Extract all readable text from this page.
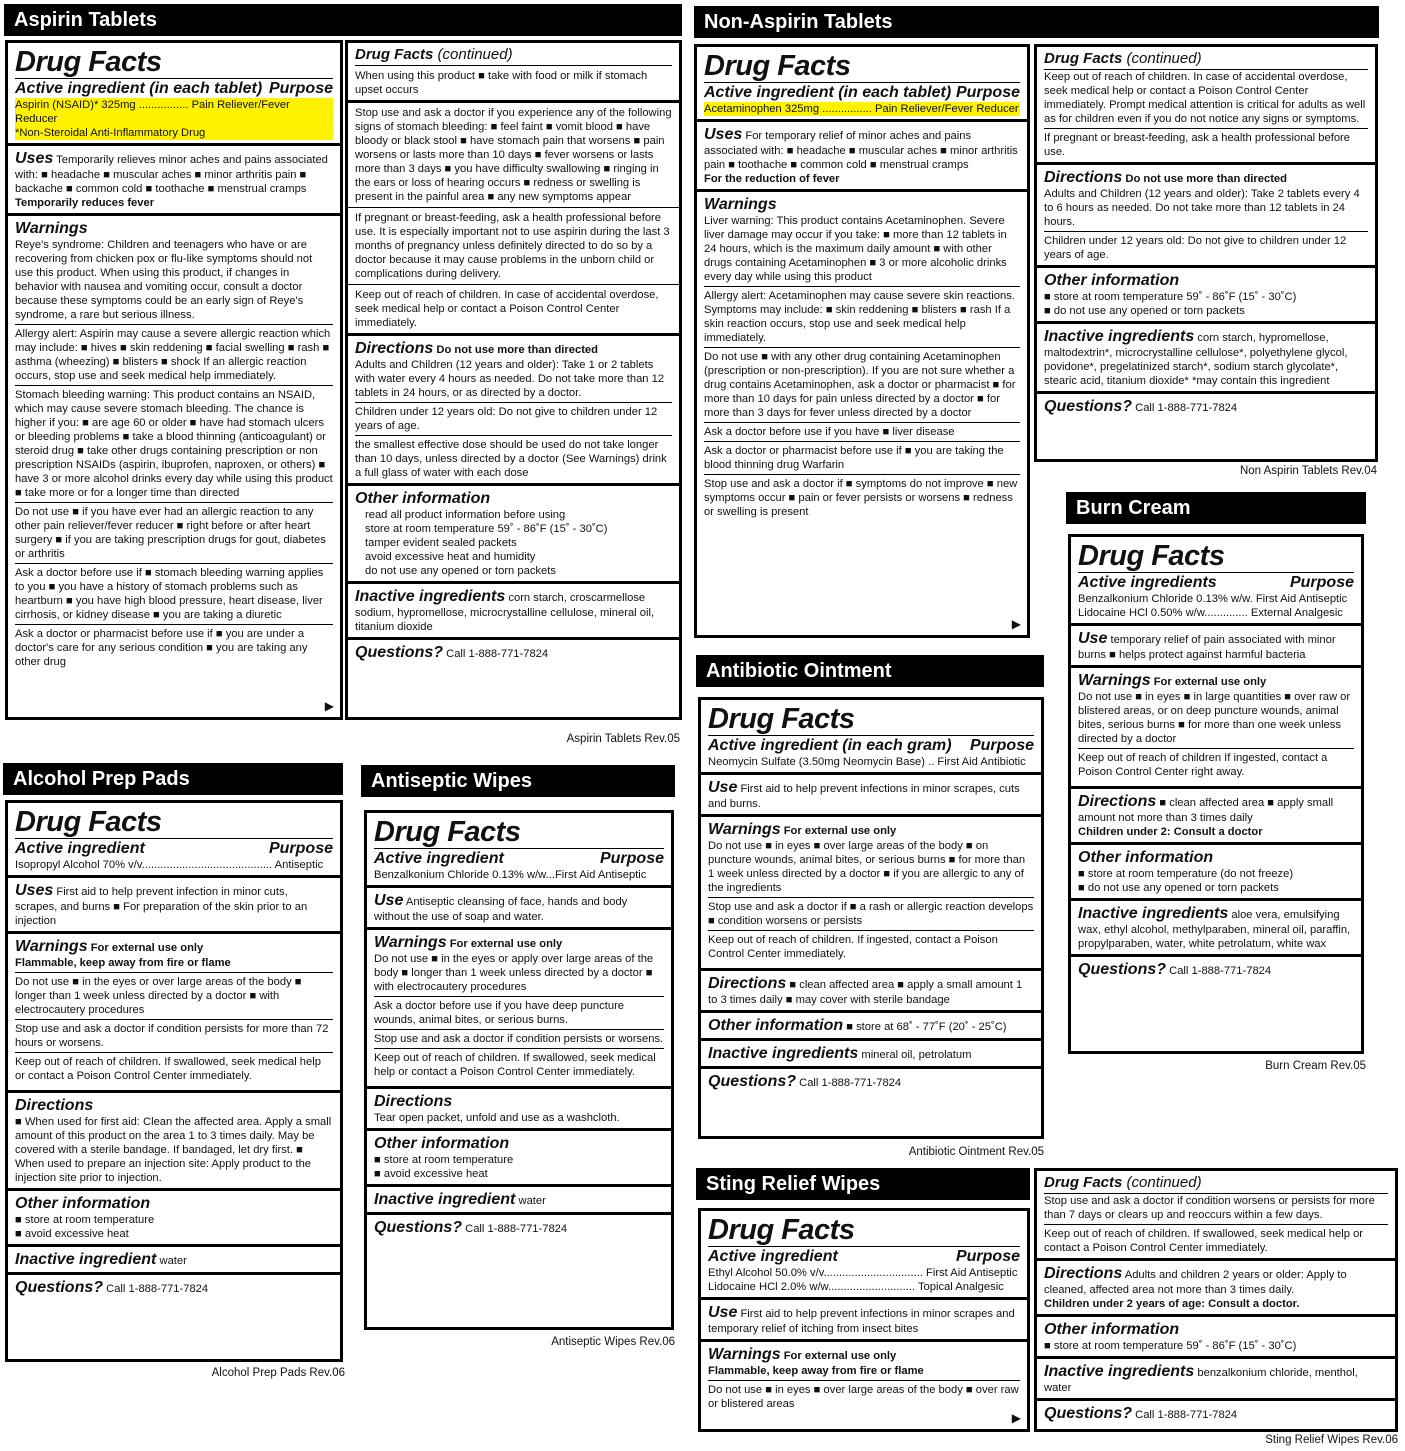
Aspirin Tablets
Drug Facts
Active ingredient (in each tablet) Purpose
Aspirin (NSAID)* 325mg ................ Pain Reliever/Fever Reducer
*Non-Steroidal Anti-Inflammatory Drug
Uses Temporarily relieves minor aches and pains associated with: ■ headache ■ muscular aches ■ minor arthritis pain ■ backache ■ common cold ■ toothache ■ menstrual cramps
Temporarily reduces fever
Warnings
Reye's syndrome: Children and teenagers who have or are recovering from chicken pox or flu-like symptoms should not use this product. When using this product, if changes in behavior with nausea and vomiting occur, consult a doctor because these symptoms could be an early sign of Reye's syndrome, a rare but serious illness.
Allergy alert: Aspirin may cause a severe allergic reaction which may include: ■ hives ■ skin reddening ■ facial swelling ■ rash ■ asthma (wheezing) ■ blisters ■ shock If an allergic reaction occurs, stop use and seek medical help immediately.
Stomach bleeding warning: This product contains an NSAID, which may cause severe stomach bleeding. The chance is higher if you: ■ are age 60 or older ■ have had stomach ulcers or bleeding problems ■ take a blood thinning (anticoagulant) or steroid drug ■ take other drugs containing prescription or non prescription NSAIDs (aspirin, ibuprofen, naproxen, or others) ■ have 3 or more alcohol drinks every day while using this product ■ take more or for a longer time than directed
Do not use ■ if you have ever had an allergic reaction to any other pain reliever/fever reducer ■ right before or after heart surgery ■ if you are taking prescription drugs for gout, diabetes or arthritis
Ask a doctor before use if ■ stomach bleeding warning applies to you ■ you have a history of stomach problems such as heartburn ■ you have high blood pressure, heart disease, liver cirrhosis, or kidney disease ■ you are taking a diuretic
Ask a doctor or pharmacist before use if ■ you are under a doctor's care for any serious condition ■ you are taking any other drug
▶
Drug Facts (continued)
When using this product ■ take with food or milk if stomach upset occurs
Stop use and ask a doctor if you experience any of the following signs of stomach bleeding: ■ feel faint ■ vomit blood ■ have bloody or black stool ■ have stomach pain that worsens ■ pain worsens or lasts more than 10 days ■ fever worsens or lasts more than 3 days ■ you have difficulty swallowing ■ ringing in the ears or loss of hearing occurs ■ redness or swelling is present in the painful area ■ any new symptoms appear
If pregnant or breast-feeding, ask a health professional before use. It is especially important not to use aspirin during the last 3 months of pregnancy unless definitely directed to do so by a doctor because it may cause problems in the unborn child or complications during delivery.
Keep out of reach of children. In case of accidental overdose, seek medical help or contact a Poison Control Center immediately.
Directions Do not use more than directed
Adults and Children (12 years and older): Take 1 or 2 tablets with water every 4 hours as needed. Do not take more than 12 tablets in 24 hours, or as directed by a doctor.
Children under 12 years old: Do not give to children under 12 years of age.
the smallest effective dose should be used do not take longer than 10 days, unless directed by a doctor (See Warnings) drink a full glass of water with each dose
Other information
read all product information before using
store at room temperature 59˚ - 86˚F (15˚ - 30˚C)
tamper evident sealed packets
avoid excessive heat and humidity
do not use any opened or torn packets
Inactive ingredients corn starch, croscarmellose sodium, hypromellose, microcrystalline cellulose, mineral oil, titanium dioxide
Questions? Call 1-888-771-7824
Aspirin Tablets Rev.05
Non-Aspirin Tablets
Drug Facts
Active ingredient (in each tablet) Purpose
Acetaminophen 325mg ................ Pain Reliever/Fever Reducer
Uses For temporary relief of minor aches and pains associated with: ■ headache ■ muscular aches ■ minor arthritis pain ■ toothache ■ common cold ■ menstrual cramps
For the reduction of fever
Warnings
Liver warning: This product contains Acetaminophen. Severe liver damage may occur if you take: ■ more than 12 tablets in 24 hours, which is the maximum daily amount ■ with other drugs containing Acetaminophen ■ 3 or more alcoholic drinks every day while using this product
Allergy alert: Acetaminophen may cause severe skin reactions. Symptoms may include: ■ skin reddening ■ blisters ■ rash If a skin reaction occurs, stop use and seek medical help immediately.
Do not use ■ with any other drug containing Acetaminophen (prescription or non-prescription). If you are not sure whether a drug contains Acetaminophen, ask a doctor or pharmacist ■ for more than 10 days for pain unless directed by a doctor ■ for more than 3 days for fever unless directed by a doctor
Ask a doctor before use if you have ■ liver disease
Ask a doctor or pharmacist before use if ■ you are taking the blood thinning drug Warfarin
Stop use and ask a doctor if ■ symptoms do not improve ■ new symptoms occur ■ pain or fever persists or worsens ■ redness or swelling is present
▶
Drug Facts (continued)
Keep out of reach of children. In case of accidental overdose, seek medical help or contact a Poison Control Center immediately. Prompt medical attention is critical for adults as well as for children even if you do not notice any signs or symptoms.
If pregnant or breast-feeding, ask a health professional before use.
Directions Do not use more than directed
Adults and Children (12 years and older): Take 2 tablets every 4 to 6 hours as needed. Do not take more than 12 tablets in 24 hours.
Children under 12 years old: Do not give to children under 12 years of age.
Other information
■ store at room temperature 59˚ - 86˚F (15˚ - 30˚C)
■ do not use any opened or torn packets
Inactive ingredients corn starch, hypromellose, maltodextrin*, microcrystalline cellulose*, polyethylene glycol, povidone*, pregelatinized starch*, sodium starch glycolate*, stearic acid, titanium dioxide* *may contain this ingredient
Questions? Call 1-888-771-7824
Non Aspirin Tablets Rev.04
Alcohol Prep Pads
Drug Facts
Active ingredient	Purpose
Isopropyl Alcohol 70% v/v.......................................... Antiseptic
Uses First aid to help prevent infection in minor cuts, scrapes, and burns ■ For preparation of the skin prior to an injection
Warnings For external use only
Flammable, keep away from fire or flame
Do not use ■ in the eyes or over large areas of the body ■ longer than 1 week unless directed by a doctor ■ with electrocautery procedures
Stop use and ask a doctor if condition persists for more than 72 hours or worsens.
Keep out of reach of children. If swallowed, seek medical help or contact a Poison Control Center immediately.
Directions
■ When used for first aid: Clean the affected area. Apply a small amount of this product on the area 1 to 3 times daily. May be covered with a sterile bandage. If bandaged, let dry first. ■ When used to prepare an injection site: Apply product to the injection site prior to injection.
Other information
■ store at room temperature
■ avoid excessive heat
Inactive ingredient water
Questions? Call 1-888-771-7824
Alcohol Prep Pads Rev.06
Antiseptic Wipes
Drug Facts
Active ingredient	Purpose
Benzalkonium Chloride 0.13% w/w...First Aid Antiseptic
Use Antiseptic cleansing of face, hands and body without the use of soap and water.
Warnings For external use only
Do not use ■ in the eyes or apply over large areas of the body ■ longer than 1 week unless directed by a doctor ■ with electrocautery procedures
Ask a doctor before use if you have deep puncture wounds, animal bites, or serious burns.
Stop use and ask a doctor if condition persists or worsens.
Keep out of reach of children. If swallowed, seek medical help or contact a Poison Control Center immediately.
Directions
Tear open packet, unfold and use as a washcloth.
Other information
■ store at room temperature
■ avoid excessive heat
Inactive ingredient water
Questions? Call 1-888-771-7824
Antiseptic Wipes Rev.06
Antibiotic Ointment
Drug Facts
Active ingredient (in each gram) Purpose
Neomycin Sulfate (3.50mg Neomycin Base) .. First Aid Antibiotic
Use First aid to help prevent infections in minor scrapes, cuts and burns.
Warnings For external use only
Do not use ■ in eyes ■ over large areas of the body ■ on puncture wounds, animal bites, or serious burns ■ for more than 1 week unless directed by a doctor ■ if you are allergic to any of the ingredients
Stop use and ask a doctor if ■ a rash or allergic reaction develops ■ condition worsens or persists
Keep out of reach of children. If ingested, contact a Poison Control Center immediately.
Directions ■ clean affected area ■ apply a small amount 1 to 3 times daily ■ may cover with sterile bandage
Other information ■ store at 68˚ - 77˚F (20˚ - 25˚C)
Inactive ingredients mineral oil, petrolatum
Questions? Call 1-888-771-7824
Antibiotic Ointment Rev.05
Burn Cream
Drug Facts
Active ingredients	Purpose
Benzalkonium Chloride 0.13% w/w. First Aid Antiseptic
Lidocaine HCl 0.50% w/w.............. External Analgesic
Use temporary relief of pain associated with minor burns ■ helps protect against harmful bacteria
Warnings For external use only
Do not use ■ in eyes ■ in large quantities ■ over raw or blistered areas, or on deep puncture wounds, animal bites, serious burns ■ for more than one week unless directed by a doctor
Keep out of reach of children If ingested, contact a Poison Control Center right away.
Directions ■ clean affected area ■ apply small amount not more than 3 times daily
Children under 2: Consult a doctor
Other information
■ store at room temperature (do not freeze)
■ do not use any opened or torn packets
Inactive ingredients aloe vera, emulsifying wax, ethyl alcohol, methylparaben, mineral oil, paraffin, propylparaben, water, white petrolatum, white wax
Questions? Call 1-888-771-7824
Burn Cream Rev.05
Sting Relief Wipes
Drug Facts
Active ingredient	Purpose
Ethyl Alcohol 50.0% v/v................................ First Aid Antiseptic
Lidocaine HCl 2.0% w/w............................ Topical Analgesic
Use First aid to help prevent infections in minor scrapes and temporary relief of itching from insect bites
Warnings For external use only
Flammable, keep away from fire or flame
Do not use ■ in eyes ■ over large areas of the body ■ over raw or blistered areas
▶
Drug Facts (continued)
Stop use and ask a doctor if condition worsens or persists for more than 7 days or clears up and reoccurs within a few days.
Keep out of reach of children. If swallowed, seek medical help or contact a Poison Control Center immediately.
Directions Adults and children 2 years or older: Apply to cleaned, affected area not more than 3 times daily.
Children under 2 years of age: Consult a doctor.
Other information
■ store at room temperature 59˚ - 86˚F (15˚ - 30˚C)
Inactive ingredients benzalkonium chloride, menthol, water
Questions? Call 1-888-771-7824
Sting Relief Wipes Rev.06
